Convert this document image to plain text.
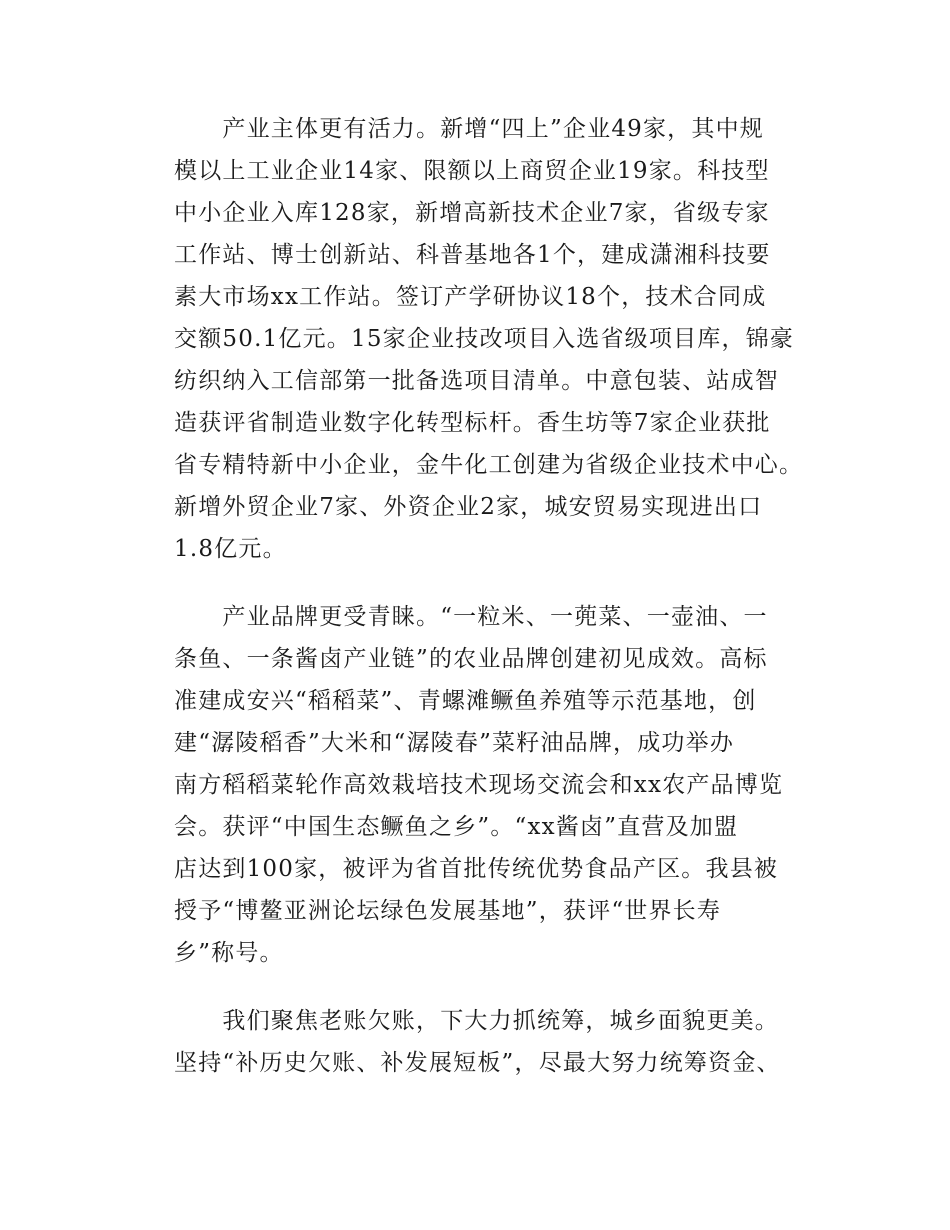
　　产业主体更有活力。新增“四上”企业49家，其中规
模以上工业企业14家、限额以上商贸企业19家。科技型
中小企业入库128家，新增高新技术企业7家，省级专家
工作站、博士创新站、科普基地各1个，建成潇湘科技要
素大市场xx工作站。签订产学研协议18个，技术合同成
交额50.1亿元。15家企业技改项目入选省级项目库，锦豪
纺织纳入工信部第一批备选项目清单。中意包装、站成智
造获评省制造业数字化转型标杆。香生坊等7家企业获批
省专精特新中小企业，金牛化工创建为省级企业技术中心。
新增外贸企业7家、外资企业2家，城安贸易实现进出口
1.8亿元。
　　产业品牌更受青睐。“一粒米、一蔸菜、一壶油、一
条鱼、一条酱卤产业链”的农业品牌创建初见成效。高标
准建成安兴“稻稻菜”、青螺滩鳜鱼养殖等示范基地，创
建“潺陵稻香”大米和“潺陵春”菜籽油品牌，成功举办
南方稻稻菜轮作高效栽培技术现场交流会和xx农产品博览
会。获评“中国生态鳜鱼之乡”。“xx酱卤”直营及加盟
店达到100家，被评为省首批传统优势食品产区。我县被
授予“博鳌亚洲论坛绿色发展基地”，获评“世界长寿
乡”称号。
　　我们聚焦老账欠账，下大力抓统筹，城乡面貌更美。
坚持“补历史欠账、补发展短板”，尽最大努力统筹资金、
